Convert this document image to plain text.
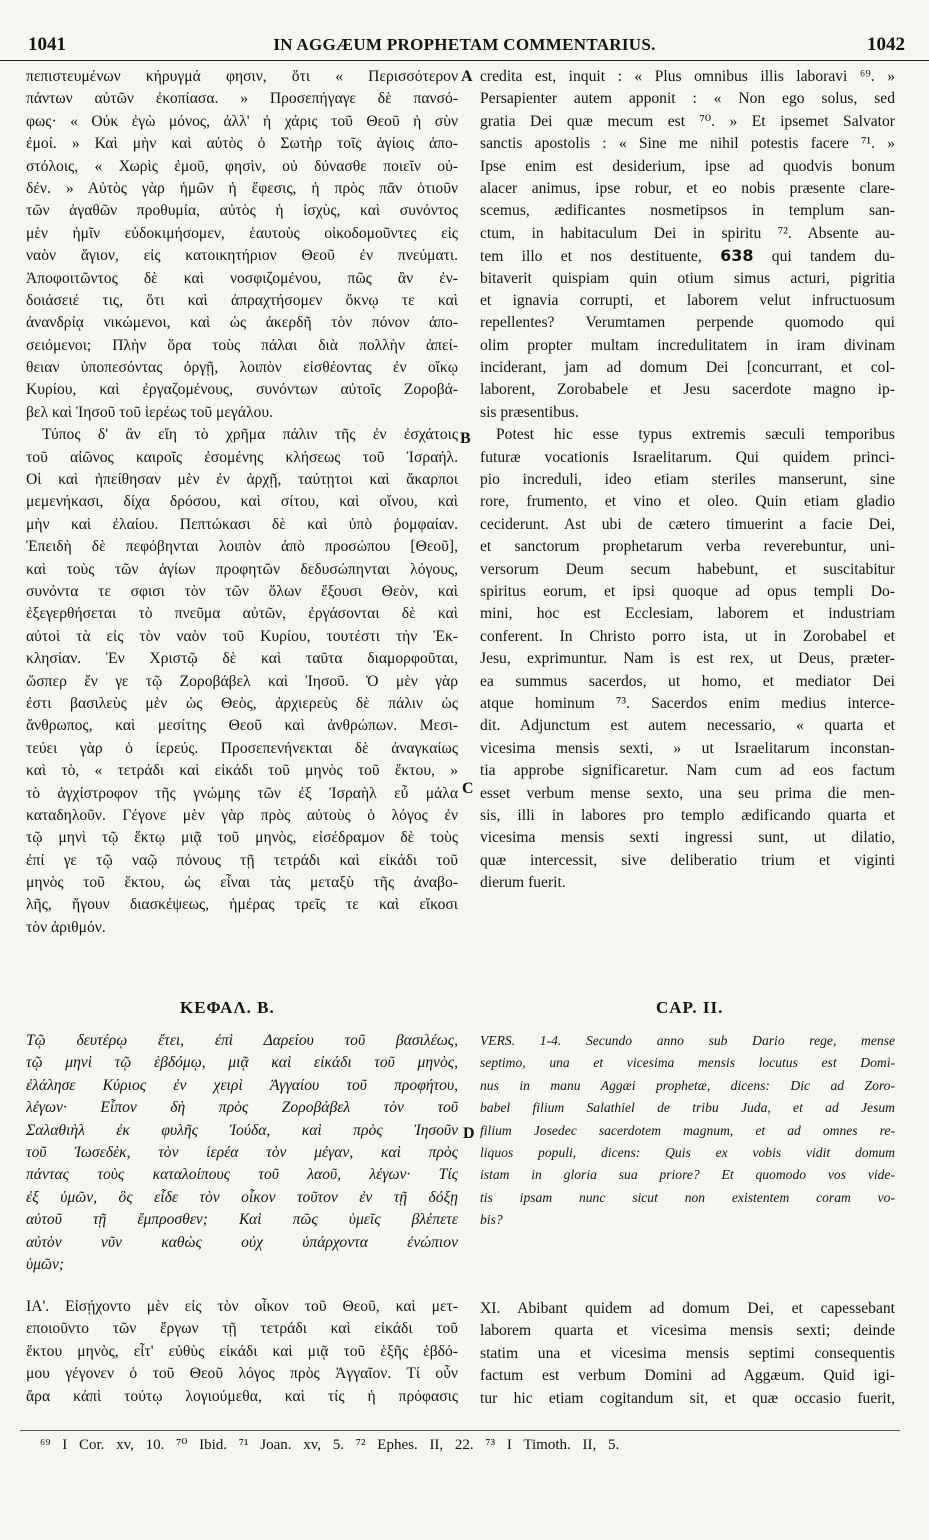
1041	IN AGGÆUM PROPHETAM COMMENTARIUS.	1042
A
B
C
D
πεπιστευμένων κήρυγμά φησιν, ὅτι « Περισσότερον
πάντων αὐτῶν ἐκοπίασα. » Προσεπήγαγε δὲ πανσό-
φως· « Οὐκ ἐγὼ μόνος, ἀλλ' ἡ χάρις τοῦ Θεοῦ ἡ σὺν
ἐμοί. » Καὶ μὴν καὶ αὐτὸς ὁ Σωτὴρ τοῖς ἁγίοις ἀπο-
στόλοις, « Χωρὶς ἐμοῦ, φησὶν, οὐ δύνασθε ποιεῖν οὐ-
δέν. » Αὐτὸς γὰρ ἡμῶν ἡ ἔφεσις, ἡ πρὸς πᾶν ὁτιοῦν
τῶν ἀγαθῶν προθυμία, αὐτὸς ἡ ἰσχὺς, καὶ συνόντος
μὲν ἡμῖν εὐδοκιμήσομεν, ἑαυτοὺς οἰκοδομοῦντες εἰς
ναὸν ἅγιον, εἰς κατοικητήριον Θεοῦ ἐν πνεύματι.
Ἀποφοιτῶντος δὲ καὶ νοσφιζομένου, πῶς ἂν ἐν-
δοιάσειέ τις, ὅτι καὶ ἀπραχτήσομεν ὄκνῳ τε καὶ
ἀνανδρίᾳ νικώμενοι, καὶ ὡς ἀκερδῆ τὸν πόνον ἀπο-
σειόμενοι; Πλὴν ὅρα τοὺς πάλαι διὰ πολλὴν ἀπεί-
θειαν ὑποπεσόντας ὀργῇ, λοιπὸν εἰσθέοντας ἐν οἴκῳ
Κυρίου, καὶ ἐργαζομένους, συνόντων αὐτοῖς Ζοροβά-
βελ καὶ Ἰησοῦ τοῦ ἱερέως τοῦ μεγάλου.
Τύπος δ' ἂν εἴη τὸ χρῆμα πάλιν τῆς ἐν ἐσχάτοις
τοῦ αἰῶνος καιροῖς ἐσομένης κλήσεως τοῦ Ἰσραήλ.
Οἱ καὶ ἠπείθησαν μὲν ἐν ἀρχῇ, ταύτῃτοι καὶ ἄκαρποι
μεμενήκασι, δίχα δρόσου, καὶ σίτου, καὶ οἴνου, καὶ
μὴν καὶ ἐλαίου. Πεπτώκασι δὲ καὶ ὑπὸ ῥομφαίαν.
Ἐπειδὴ δὲ πεφόβηνται λοιπὸν ἀπὸ προσώπου [Θεοῦ],
καὶ τοὺς τῶν ἁγίων προφητῶν δεδυσώπηνται λόγους,
συνόντα τε σφισι τὸν τῶν ὅλων ἕξουσι Θεὸν, καὶ
ἐξεγερθήσεται τὸ πνεῦμα αὐτῶν, ἐργάσονται δὲ καὶ
αὐτοὶ τὰ εἰς τὸν ναὸν τοῦ Κυρίου, τουτέστι τὴν Ἐκ-
κλησίαν. Ἐν Χριστῷ δὲ καὶ ταῦτα διαμορφοῦται,
ὥσπερ ἔν γε τῷ Ζοροβάβελ καὶ Ἰησοῦ. Ὁ μὲν γὰρ
ἐστι βασιλεὺς μὲν ὡς Θεὸς, ἀρχιερεὺς δὲ πάλιν ὡς
ἄνθρωπος, καὶ μεσίτης Θεοῦ καὶ ἀνθρώπων. Μεσι-
τεύει γὰρ ὁ ἱερεύς. Προσεπενήνεκται δὲ ἀναγκαίως
καὶ τὸ, « τετράδι καὶ εἰκάδι τοῦ μηνὸς τοῦ ἕκτου, »
τὸ ἀγχίστροφον τῆς γνώμης τῶν ἐξ Ἰσραὴλ εὖ μάλα
καταδηλοῦν. Γέγονε μὲν γὰρ πρὸς αὐτοὺς ὁ λόγος ἐν
τῷ μηνὶ τῷ ἕκτῳ μιᾷ τοῦ μηνὸς, εἰσέδραμον δὲ τοὺς
ἐπί γε τῷ ναῷ πόνους τῇ τετράδι καὶ εἰκάδι τοῦ
μηνὸς τοῦ ἕκτου, ὡς εἶναι τὰς μεταξὺ τῆς ἀναβο-
λῆς, ἤγουν διασκέψεως, ἡμέρας τρεῖς τε καὶ εἴκοσι
τὸν ἀριθμόν.
credita est, inquit : « Plus omnibus illis laboravi ⁶⁹. »
Persapienter autem apponit : « Non ego solus, sed
gratia Dei quæ mecum est ⁷⁰. » Et ipsemet Salvator
sanctis apostolis : « Sine me nihil potestis facere ⁷¹. »
Ipse enim est desiderium, ipse ad quodvis bonum
alacer animus, ipse robur, et eo nobis præsente clare-
scemus, ædificantes nosmetipsos in templum san-
ctum, in habitaculum Dei in spiritu ⁷². Absente au-
tem illo et nos destituente, 638 qui tandem du-
bitaverit quispiam quin otium simus acturi, pigritia
et ignavia corrupti, et laborem velut infructuosum
repellentes? Verumtamen perpende quomodo qui
olim propter multam incredulitatem in iram divinam
inciderant, jam ad domum Dei [concurrant, et col-
laborent, Zorobabele et Jesu sacerdote magno ip-
sis præsentibus.
Potest hic esse typus extremis sæculi temporibus
futuræ vocationis Israelitarum. Qui quidem princi-
pio increduli, ideo etiam steriles manserunt, sine
rore, frumento, et vino et oleo. Quin etiam gladio
ceciderunt. Ast ubi de cætero timuerint a facie Dei,
et sanctorum prophetarum verba reverebuntur, uni-
versorum Deum secum habebunt, et suscitabitur
spiritus eorum, et ipsi quoque ad opus templi Do-
mini, hoc est Ecclesiam, laborem et industriam
conferent. In Christo porro ista, ut in Zorobabel et
Jesu, exprimuntur. Nam is est rex, ut Deus, præter-
ea summus sacerdos, ut homo, et mediator Dei
atque hominum ⁷³. Sacerdos enim medius interce-
dit. Adjunctum est autem necessario, « quarta et
vicesima mensis sexti, » ut Israelitarum inconstan-
tia approbe significaretur. Nam cum ad eos factum
esset verbum mense sexto, una seu prima die men-
sis, illi in labores pro templo ædificando quarta et
vicesima mensis sexti ingressi sunt, ut dilatio,
quæ intercessit, sive deliberatio trium et viginti
dierum fuerit.
ΚΕΦΑΛ. Β.	CAP. II.
Τῷ δευτέρῳ ἔτει, ἐπὶ Δαρείου τοῦ βασιλέως,
τῷ μηνὶ τῷ ἑβδόμῳ, μιᾷ καὶ εἰκάδι τοῦ μηνὸς,
ἐλάλησε Κύριος ἐν χειρὶ Ἀγγαίου τοῦ προφήτου,
λέγων· Εἶπον δὴ πρὸς Ζοροβάβελ τὸν τοῦ
Σαλαθιὴλ ἐκ φυλῆς Ἰούδα, καὶ πρὸς Ἰησοῦν
τοῦ Ἰωσεδὲκ, τὸν ἱερέα τὸν μέγαν, καὶ πρὸς
πάντας τοὺς καταλοίπους τοῦ λαοῦ, λέγων· Τίς
ἐξ ὑμῶν, ὃς εἶδε τὸν οἶκον τοῦτον ἐν τῇ δόξῃ
αὐτοῦ τῇ ἔμπροσθεν; Καὶ πῶς ὑμεῖς βλέπετε
αὐτὸν νῦν καθὼς οὐχ ὑπάρχοντα ἐνώπιον
ὑμῶν;
ΙΑ'. Εἰσῄχοντο μὲν εἰς τὸν οἶκον τοῦ Θεοῦ, καὶ μετ-
εποιοῦντο τῶν ἔργων τῇ τετράδι καὶ εἰκάδι τοῦ
ἕκτου μηνὸς, εἶτ' εὐθὺς εἰκάδι καὶ μιᾷ τοῦ ἑξῆς ἑβδό-
μου γέγονεν ὁ τοῦ Θεοῦ λόγος πρὸς Ἀγγαῖον. Τί οὖν
ἄρα κἀπὶ τούτῳ λογιούμεθα, καὶ τίς ἡ πρόφασις
VERS. 1-4. Secundo anno sub Dario rege, mense
septimo, una et vicesima mensis locutus est Domi-
nus in manu Aggæi prophetæ, dicens: Dic ad Zoro-
babel filium Salathiel de tribu Juda, et ad Jesum
filium Josedec sacerdotem magnum, et ad omnes re-
liquos populi, dicens: Quis ex vobis vidit domum
istam in gloria sua priore? Et quomodo vos vide-
tis ipsam nunc sicut non existentem coram vo-
bis?
XI. Abibant quidem ad domum Dei, et capessebant
laborem quarta et vicesima mensis sexti; deinde
statim una et vicesima mensis septimi consequentis
factum est verbum Domini ad Aggæum. Quid igi-
tur hic etiam cogitandum sit, et quæ occasio fuerit,
⁶⁹ I Cor. xv, 10. ⁷⁰ Ibid. ⁷¹ Joan. xv, 5. ⁷² Ephes. II, 22. ⁷³ I Timoth. II, 5.
